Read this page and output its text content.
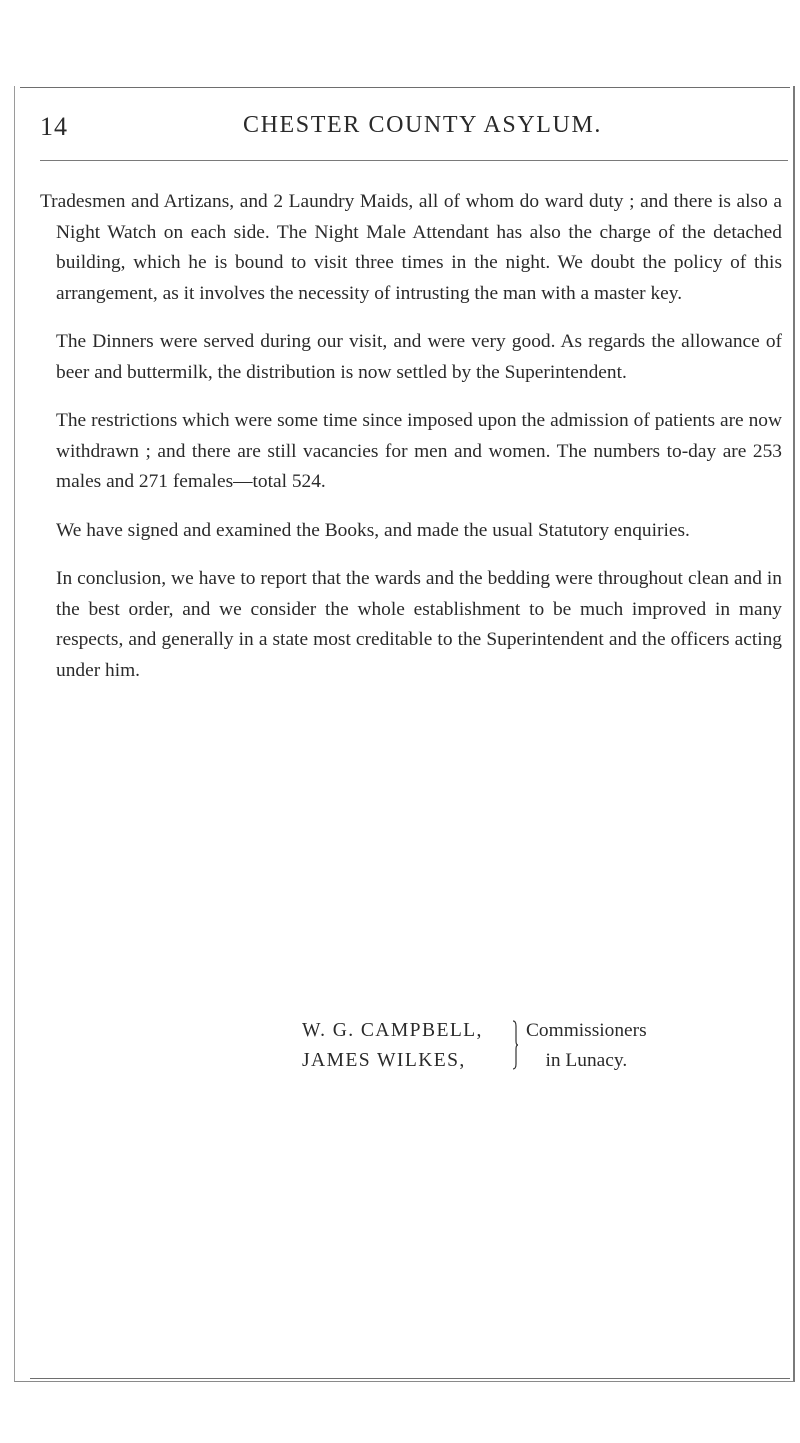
14	CHESTER COUNTY ASYLUM.

Tradesmen and Artizans, and 2 Laundry Maids, all of whom do ward duty ; and there is also a Night Watch on each side. The Night Male Attendant has also the charge of the detached building, which he is bound to visit three times in the night. We doubt the policy of this arrangement, as it involves the necessity of intrusting the man with a master key.

The Dinners were served during our visit, and were very good. As regards the allowance of beer and buttermilk, the distribution is now settled by the Superintendent.

The restrictions which were some time since imposed upon the admission of patients are now withdrawn ; and there are still vacancies for men and women. The numbers to-day are 253 males and 271 females—total 524.

We have signed and examined the Books, and made the usual Statutory enquiries.

In conclusion, we have to report that the wards and the bedding were throughout clean and in the best order, and we consider the whole establishment to be much improved in many respects, and generally in a state most creditable to the Superintendent and the officers acting under him.

W. G. CAMPBELL,
JAMES WILKES,
Commissioners
in Lunacy.
